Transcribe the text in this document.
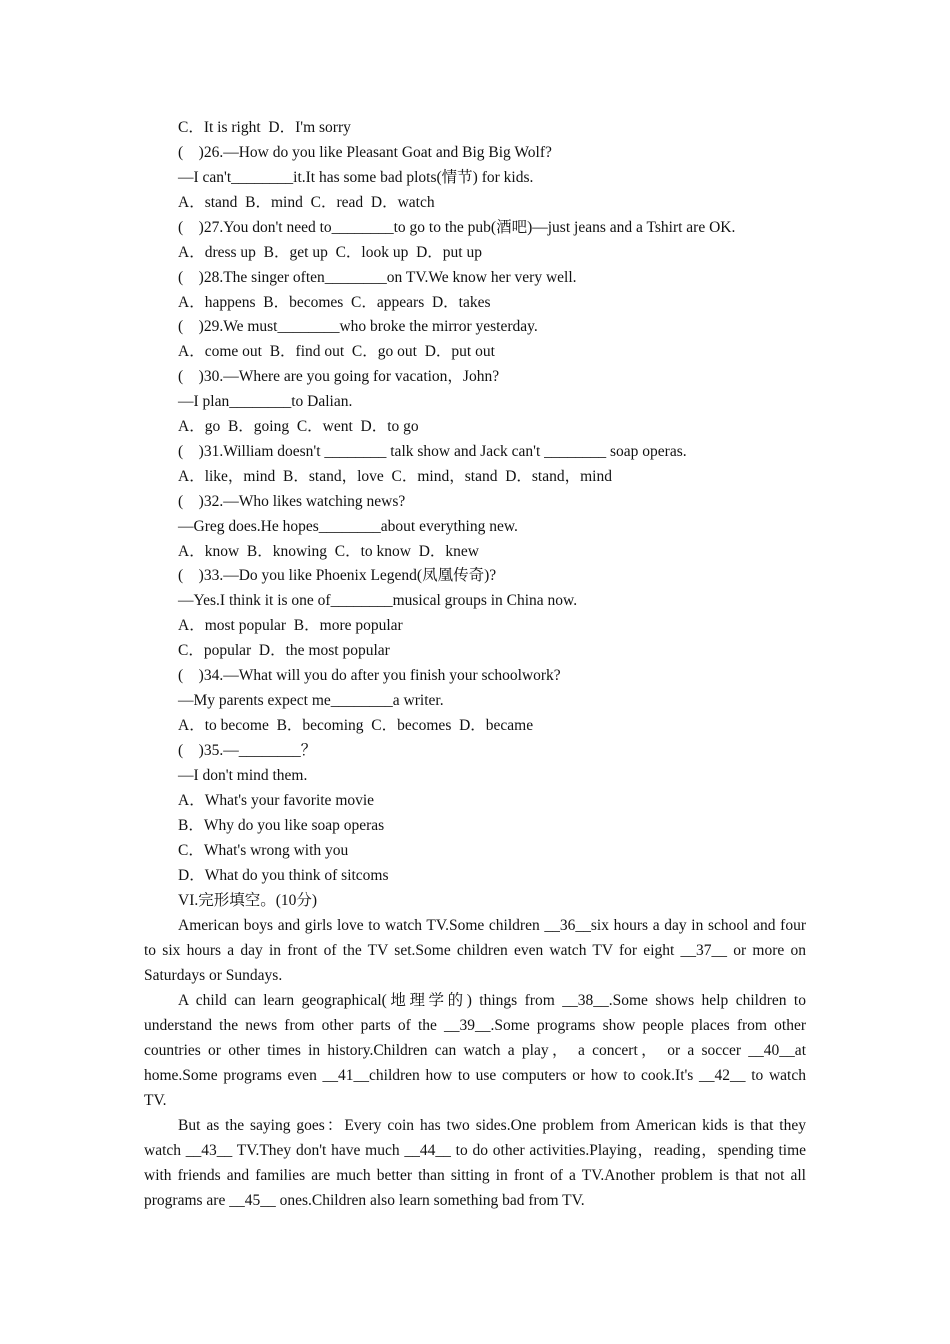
C．It is right  D．I'm sorry
(    )26.—How do you like Pleasant Goat and Big Big Wolf?
—I can't________it.It has some bad plots(情节) for kids.
A．stand  B．mind  C．read  D．watch
(    )27.You don't need to________to go to the pub(酒吧)—just jeans and a Tshirt are OK.
A．dress up  B．get up  C．look up  D．put up
(    )28.The singer often________on TV.We know her very well.
A．happens  B．becomes  C．appears  D．takes
(    )29.We must________who broke the mirror yesterday.
A．come out  B．find out  C．go out  D．put out
(    )30.—Where are you going for vacation，John?
—I plan________to Dalian.
A．go  B．going  C．went  D．to go
(    )31.William doesn't ________ talk show and Jack can't ________ soap operas.
A．like，mind  B．stand，love  C．mind，stand  D．stand，mind
(    )32.—Who likes watching news?
—Greg does.He hopes________about everything new.
A．know  B．knowing  C．to know  D．knew
(    )33.—Do you like Phoenix Legend(凤凰传奇)?
—Yes.I think it is one of________musical groups in China now.
A．most popular  B．more popular
C．popular  D．the most popular
(    )34.—What will you do after you finish your schoolwork?
—My parents expect me________a writer.
A．to become  B．becoming  C．becomes  D．became
(    )35.—________？
—I don't mind them.
A．What's your favorite movie
B．Why do you like soap operas
C．What's wrong with you
D．What do you think of sitcoms
VI.完形填空。(10分)

American boys and girls love to watch TV.Some children __36__six hours a day in school and four to six hours a day in front of the TV set.Some children even watch TV for eight __37__ or more on Saturdays or Sundays.

A child can learn geographical(地理学的) things from __38__.Some shows help children to understand the news from other parts of the __39__.Some programs show people places from other countries or other times in history.Children can watch a play， a concert， or a soccer __40__at home.Some programs even __41__children how to use computers or how to cook.It's __42__ to watch TV.

But as the saying goes：Every coin has two sides.One problem from American kids is that they watch __43__ TV.They don't have much __44__ to do other activities.Playing，reading，spending time with friends and families are much better than sitting in front of a TV.Another problem is that not all programs are __45__ ones.Children also learn something bad from TV.
